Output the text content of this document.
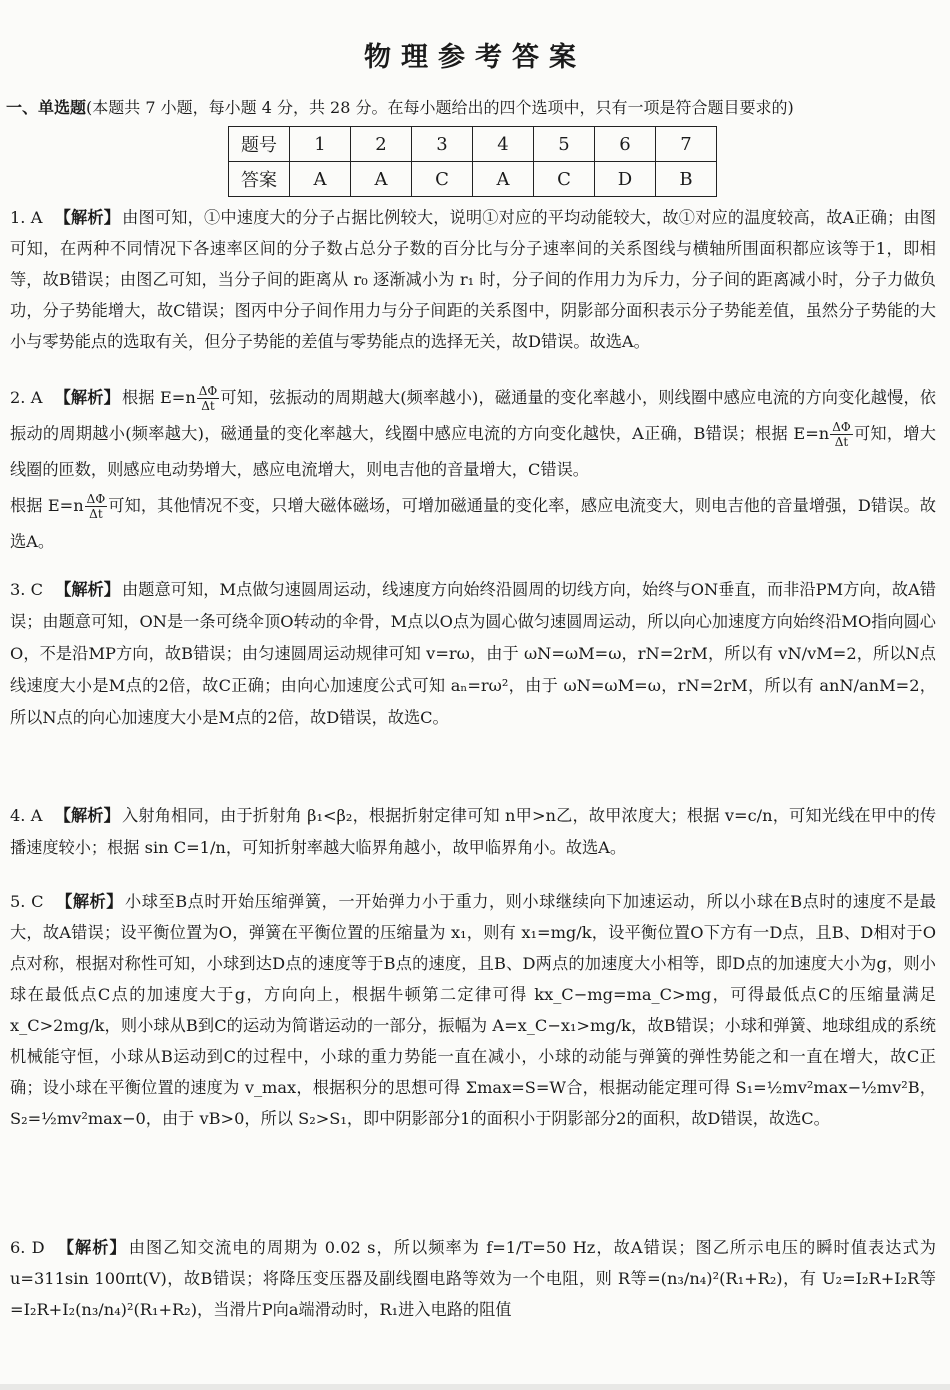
物理参考答案
一、单选题(本题共 7 小题，每小题 4 分，共 28 分。在每小题给出的四个选项中，只有一项是符合题目要求的)
题号	1	2	3	4	5	6	7
答案	A	A	C	A	C	D	B
1. A 【解析】 由图可知，①中速度大的分子占据比例较大，说明①对应的平均动能较大，故①对应的温度较高，故A正确；由图可知，在两种不同情况下各速率区间的分子数占总分子数的百分比与分子速率间的关系图线与横轴所围面积都应该等于1，即相等，故B错误；由图乙可知，当分子间的距离从 r₀ 逐渐减小为 r₁ 时，分子间的作用力为斥力，分子间的距离减小时，分子力做负功，分子势能增大，故C错误；图丙中分子间作用力与分子间距的关系图中，阴影部分面积表示分子势能差值，虽然分子势能的大小与零势能点的选取有关，但分子势能的差值与零势能点的选择无关，故D错误。故选A。
2. A 【解析】 根据 $E=n \frac{\Delta\Phi}{\Delta t}$ 可知，弦振动的周期越大(频率越小)，磁通量的变化率越小，则线圈中感应电流的方向变化越慢，依振动的周期越小(频率越大)，磁通量的变化率越大，线圈中感应电流的方向变化越快，A正确，B错误；根据 $E=n \frac{\Delta\Phi}{\Delta t}$ 可知，增大线圈的匝数，则感应电动势增大，感应电流增大，则电吉他的音量增大，C错误。
根据 $E=n \frac{\Delta\Phi}{\Delta t}$ 可知，其他情况不变，只增大磁体磁场，可增加磁通量的变化率，感应电流变大，则电吉他的音量增强，D错误。故选A。
3. C 【解析】 由题意可知，M点做匀速圆周运动，线速度方向始终沿圆周的切线方向，始终与ON垂直，而非沿PM方向，故A错误；由题意可知，ON是一条可绕伞顶O转动的伞骨，M点以O点为圆心做匀速圆周运动，所以向心加速度方向始终沿MO指向圆心O，不是沿MP方向，故B错误；由匀速圆周运动规律可知 v=rω，由于 ωN=ωM=ω，rN=2rM，所以有 vN/vM=2，所以N点线速度大小是M点的2倍，故C正确；由向心加速度公式可知 aₙ=rω²，由于 ωN=ωM=ω，rN=2rM，所以有 anN/anM=2，所以N点的向心加速度大小是M点的2倍，故D错误，故选C。
4. A 【解析】 入射角相同，由于折射角 β₁<β₂，根据折射定律可知 n甲>n乙，故甲浓度大；根据 v=c/n，可知光线在甲中的传播速度较小；根据 sin C=1/n，可知折射率越大临界角越小，故甲临界角小。故选A。
5. C 【解析】 小球至B点时开始压缩弹簧，一开始弹力小于重力，则小球继续向下加速运动，所以小球在B点时的速度不是最大，故A错误；设平衡位置为O，弹簧在平衡位置的压缩量为 x₁，则有 x₁=mg/k，设平衡位置O下方有一D点，且B、D相对于O点对称，根据对称性可知，小球到达D点的速度等于B点的速度，且B、D两点的加速度大小相等，即D点的加速度大小为g，则小球在最低点C点的加速度大于g，方向向上，根据牛顿第二定律可得 kx_C−mg=ma_C>mg，可得最低点C的压缩量满足 x_C>2mg/k，则小球从B到C的运动为简谐运动的一部分，振幅为 A=x_C−x₁>mg/k，故B错误；小球和弹簧、地球组成的系统机械能守恒，小球从B运动到C的过程中，小球的重力势能一直在减小，小球的动能与弹簧的弹性势能之和一直在增大，故C正确；设小球在平衡位置的速度为 v_max，根据积分的思想可得 Σmax=S=W合，根据动能定理可得 S₁=½mv²max−½mv²B，S₂=½mv²max−0，由于 vB>0，所以 S₂>S₁，即中阴影部分1的面积小于阴影部分2的面积，故D错误，故选C。
6. D 【解析】 由图乙知交流电的周期为 0.02 s，所以频率为 f=1/T=50 Hz，故A错误；图乙所示电压的瞬时值表达式为 u=311sin 100πt(V)，故B错误；将降压变压器及副线圈电路等效为一个电阻，则 R等=(n₃/n₄)²(R₁+R₂)，有 U₂=I₂R+I₂R等=I₂R+I₂(n₃/n₄)²(R₁+R₂)，当滑片P向a端滑动时，R₁进入电路的阻值
